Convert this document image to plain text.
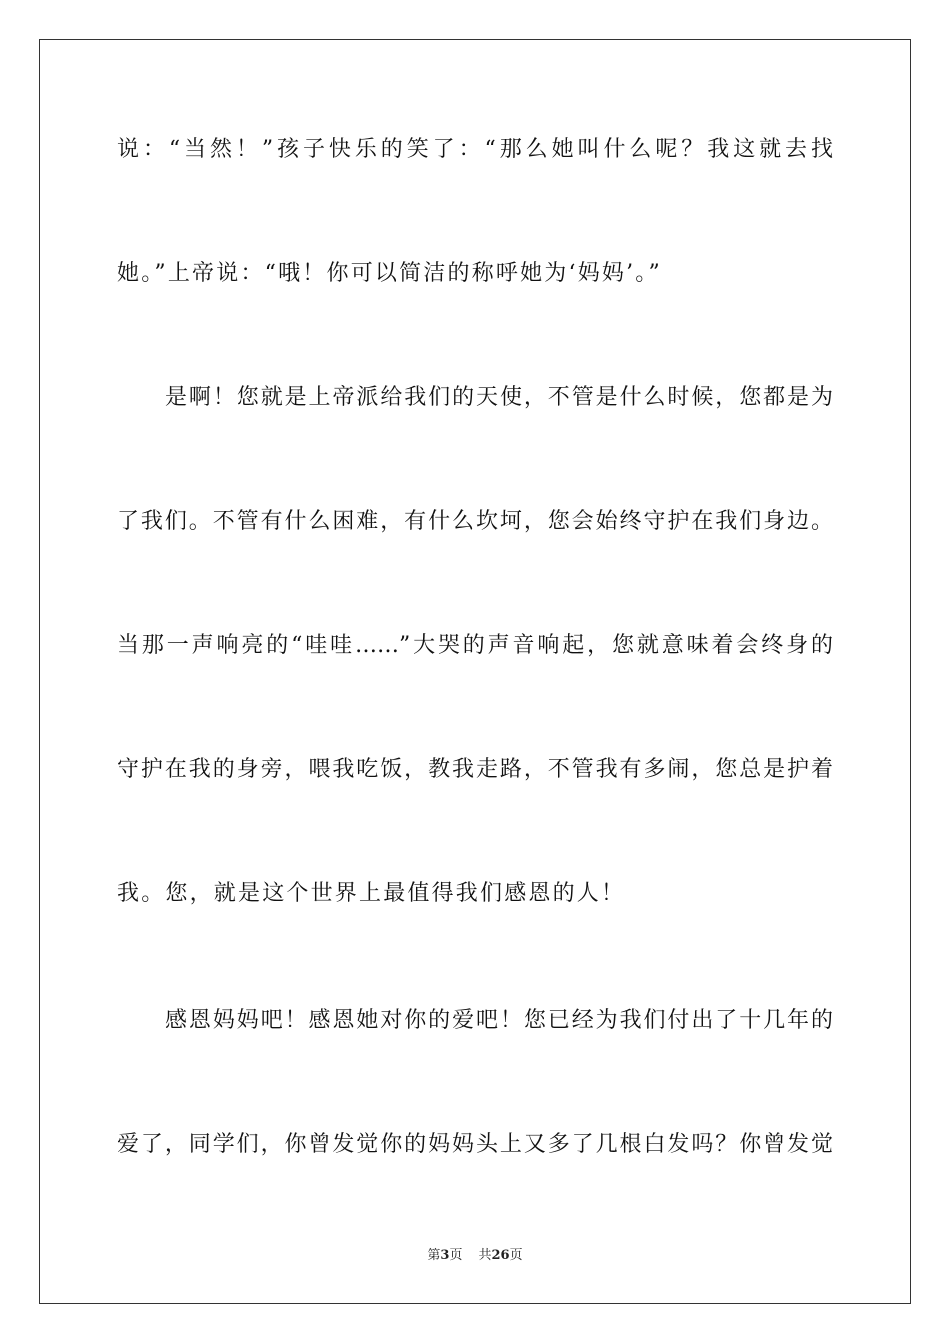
说：“当然！”孩子快乐的笑了：“那么她叫什么呢？我这就去找
她。”上帝说：“哦！你可以简洁的称呼她为‘妈妈’。”
是啊！您就是上帝派给我们的天使，不管是什么时候，您都是为
了我们。不管有什么困难，有什么坎坷，您会始终守护在我们身边。
当那一声响亮的“哇哇……”大哭的声音响起，您就意味着会终身的
守护在我的身旁，喂我吃饭，教我走路，不管我有多闹，您总是护着
我。您，就是这个世界上最值得我们感恩的人！
感恩妈妈吧！感恩她对你的爱吧！您已经为我们付出了十几年的
爱了，同学们，你曾发觉你的妈妈头上又多了几根白发吗？你曾发觉
第3页 共26页
